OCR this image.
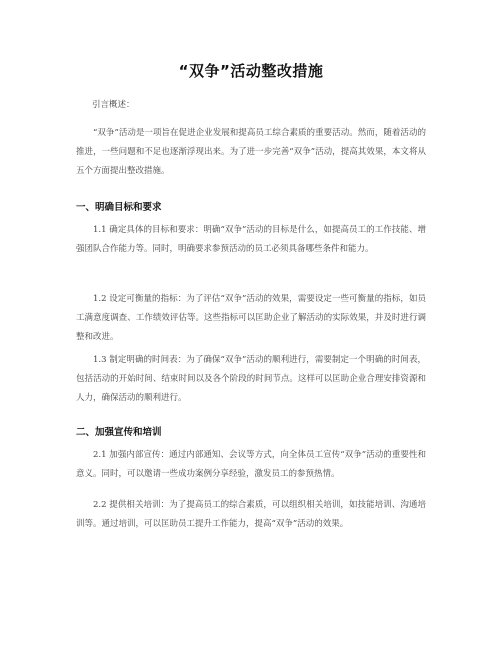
“双争”活动整改措施

引言概述：

“双争”活动是一项旨在促进企业发展和提高员工综合素质的重要活动。然而，随着活动的推进，一些问题和不足也逐渐浮现出来。为了进一步完善“双争”活动，提高其效果，本文将从五个方面提出整改措施。

一、明确目标和要求

1.1 确定具体的目标和要求：明确“双争”活动的目标是什么，如提高员工的工作技能、增强团队合作能力等。同时，明确要求参预活动的员工必须具备哪些条件和能力。

1.2 设定可衡量的指标：为了评估“双争”活动的效果，需要设定一些可衡量的指标，如员工满意度调查、工作绩效评估等。这些指标可以匡助企业了解活动的实际效果，并及时进行调整和改进。

1.3 制定明确的时间表：为了确保“双争”活动的顺利进行，需要制定一个明确的时间表，包括活动的开始时间、结束时间以及各个阶段的时间节点。这样可以匡助企业合理安排资源和人力，确保活动的顺利进行。

二、加强宣传和培训

2.1 加强内部宣传：通过内部通知、会议等方式，向全体员工宣传“双争”活动的重要性和意义。同时，可以邀请一些成功案例分享经验，激发员工的参预热情。

2.2 提供相关培训：为了提高员工的综合素质，可以组织相关培训，如技能培训、沟通培训等。通过培训，可以匡助员工提升工作能力，提高“双争”活动的效果。
